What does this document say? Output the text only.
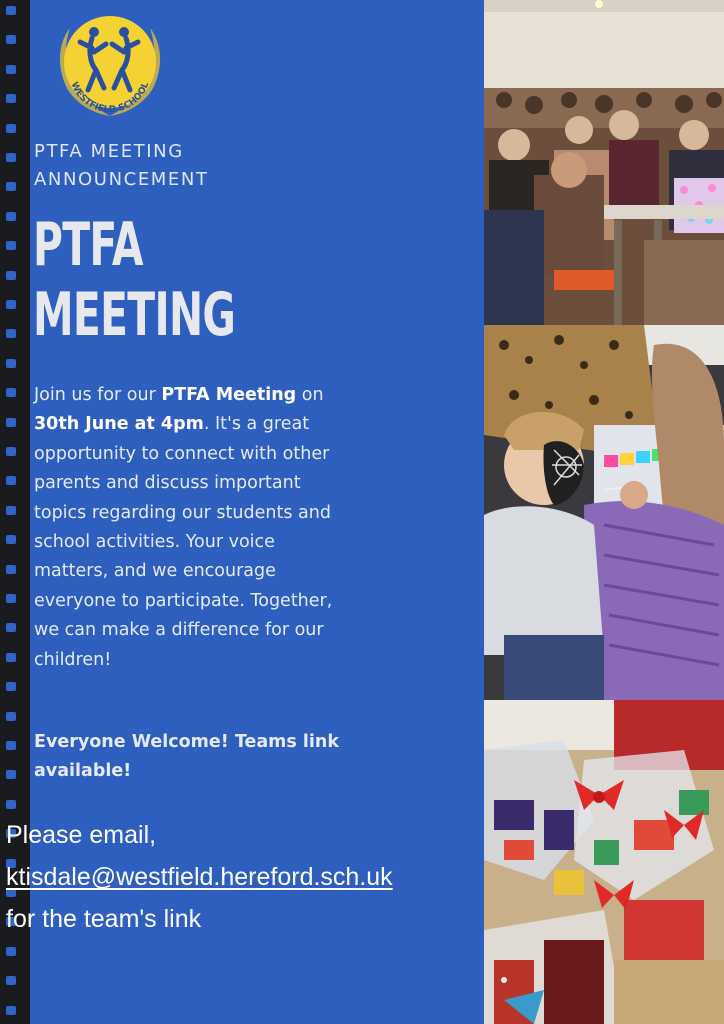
WESTFIELD SCHOOL
PTFA MEETING
ANNOUNCEMENT
PTFA
MEETING
Join us for our PTFA Meeting on 30th June at 4pm. It's a great opportunity to connect with other parents and discuss important topics regarding our students and school activities. Your voice matters, and we encourage everyone to participate. Together, we can make a difference for our children!
Everyone Welcome! Teams link available!
Please email,
ktisdale@westfield.hereford.sch.uk
for the team's link
